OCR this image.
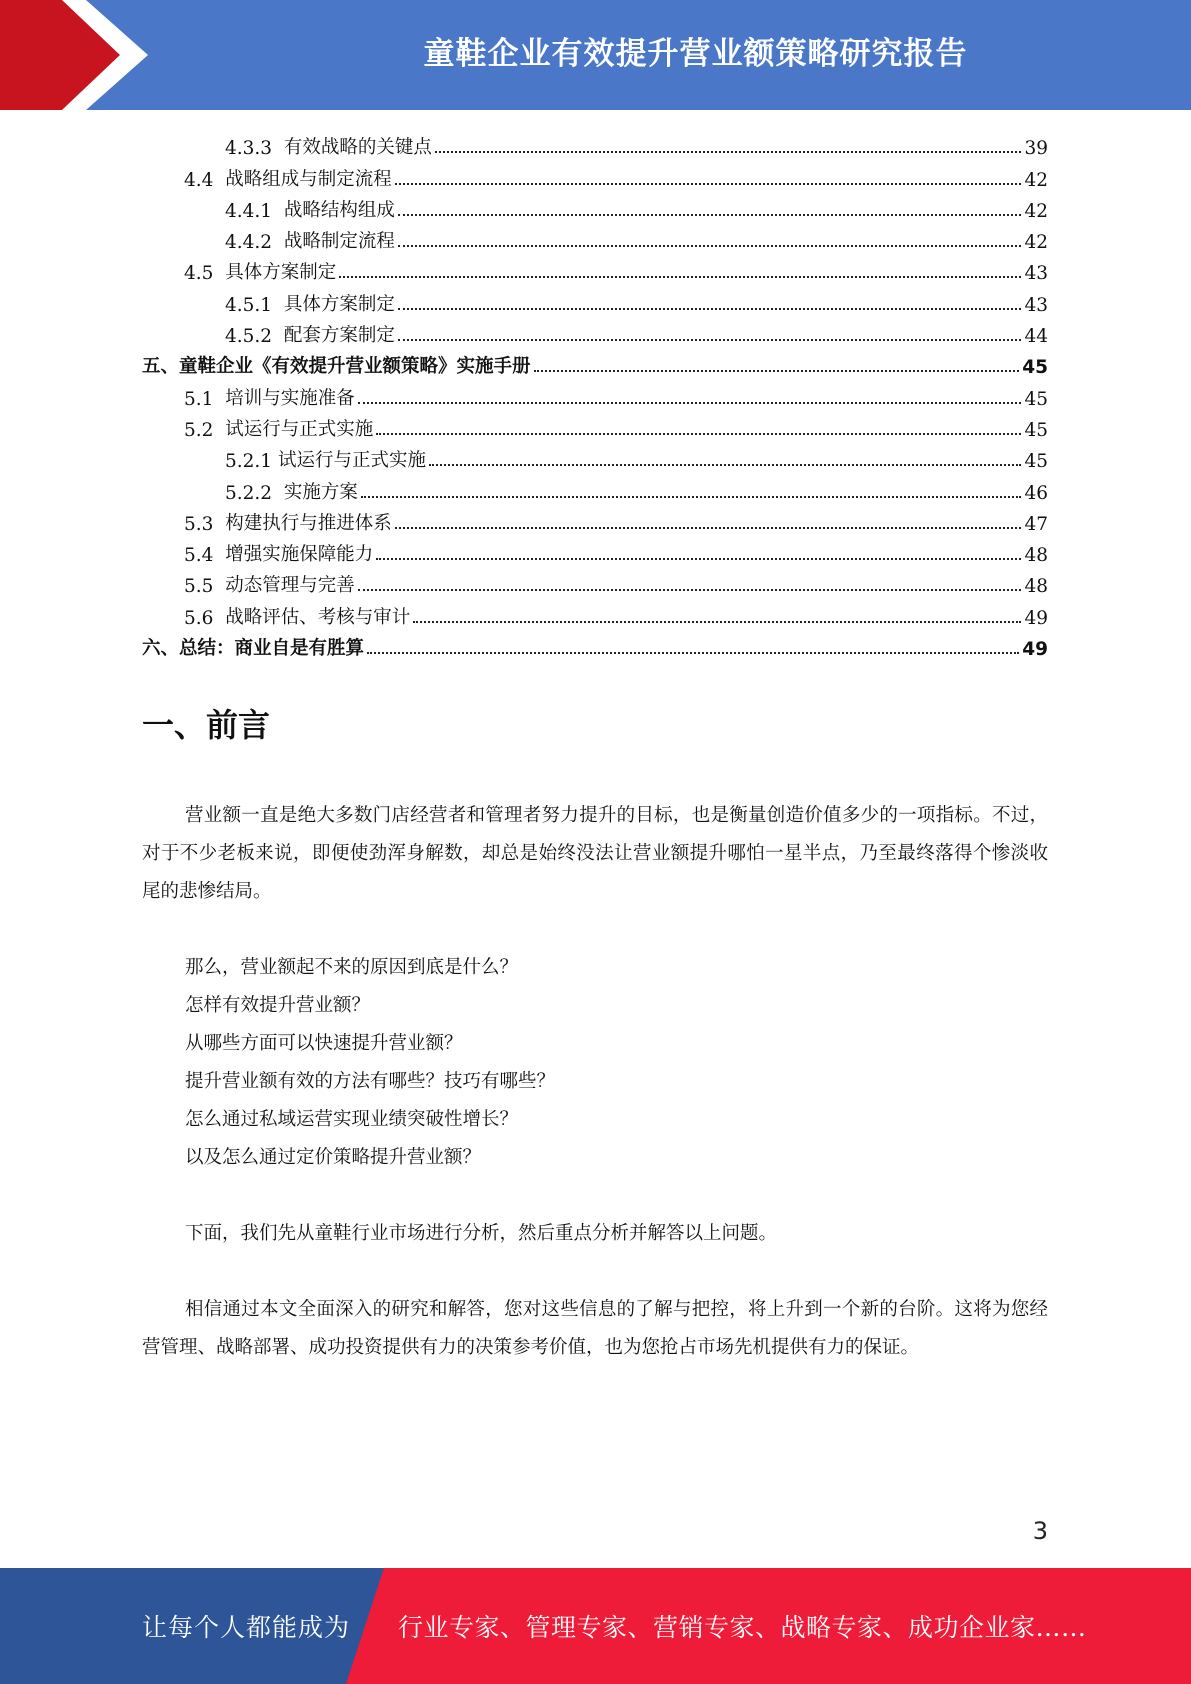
童鞋企业有效提升营业额策略研究报告
4.3.3 有效战略的关键点	39
4.4 战略组成与制定流程	42
4.4.1 战略结构组成	42
4.4.2 战略制定流程	42
4.5 具体方案制定	43
4.5.1 具体方案制定	43
4.5.2 配套方案制定	44
五、童鞋企业《有效提升营业额策略》实施手册	45
5.1 培训与实施准备	45
5.2 试运行与正式实施	45
5.2.1 试运行与正式实施	45
5.2.2 实施方案	46
5.3 构建执行与推进体系	47
5.4 增强实施保障能力	48
5.5 动态管理与完善	48
5.6 战略评估、考核与审计	49
六、总结：商业自是有胜算	49
一、前言

营业额一直是绝大多数门店经营者和管理者努力提升的目标，也是衡量创造价值多少的一项指标。不过，对于不少老板来说，即便使劲浑身解数，却总是始终没法让营业额提升哪怕一星半点，乃至最终落得个惨淡收尾的悲惨结局。

那么，营业额起不来的原因到底是什么？
怎样有效提升营业额？
从哪些方面可以快速提升营业额？
提升营业额有效的方法有哪些？技巧有哪些？
怎么通过私域运营实现业绩突破性增长？
以及怎么通过定价策略提升营业额？

下面，我们先从童鞋行业市场进行分析，然后重点分析并解答以上问题。

相信通过本文全面深入的研究和解答，您对这些信息的了解与把控，将上升到一个新的台阶。这将为您经营管理、战略部署、成功投资提供有力的决策参考价值，也为您抢占市场先机提供有力的保证。

3
让每个人都能成为 行业专家、管理专家、营销专家、战略专家、成功企业家……
